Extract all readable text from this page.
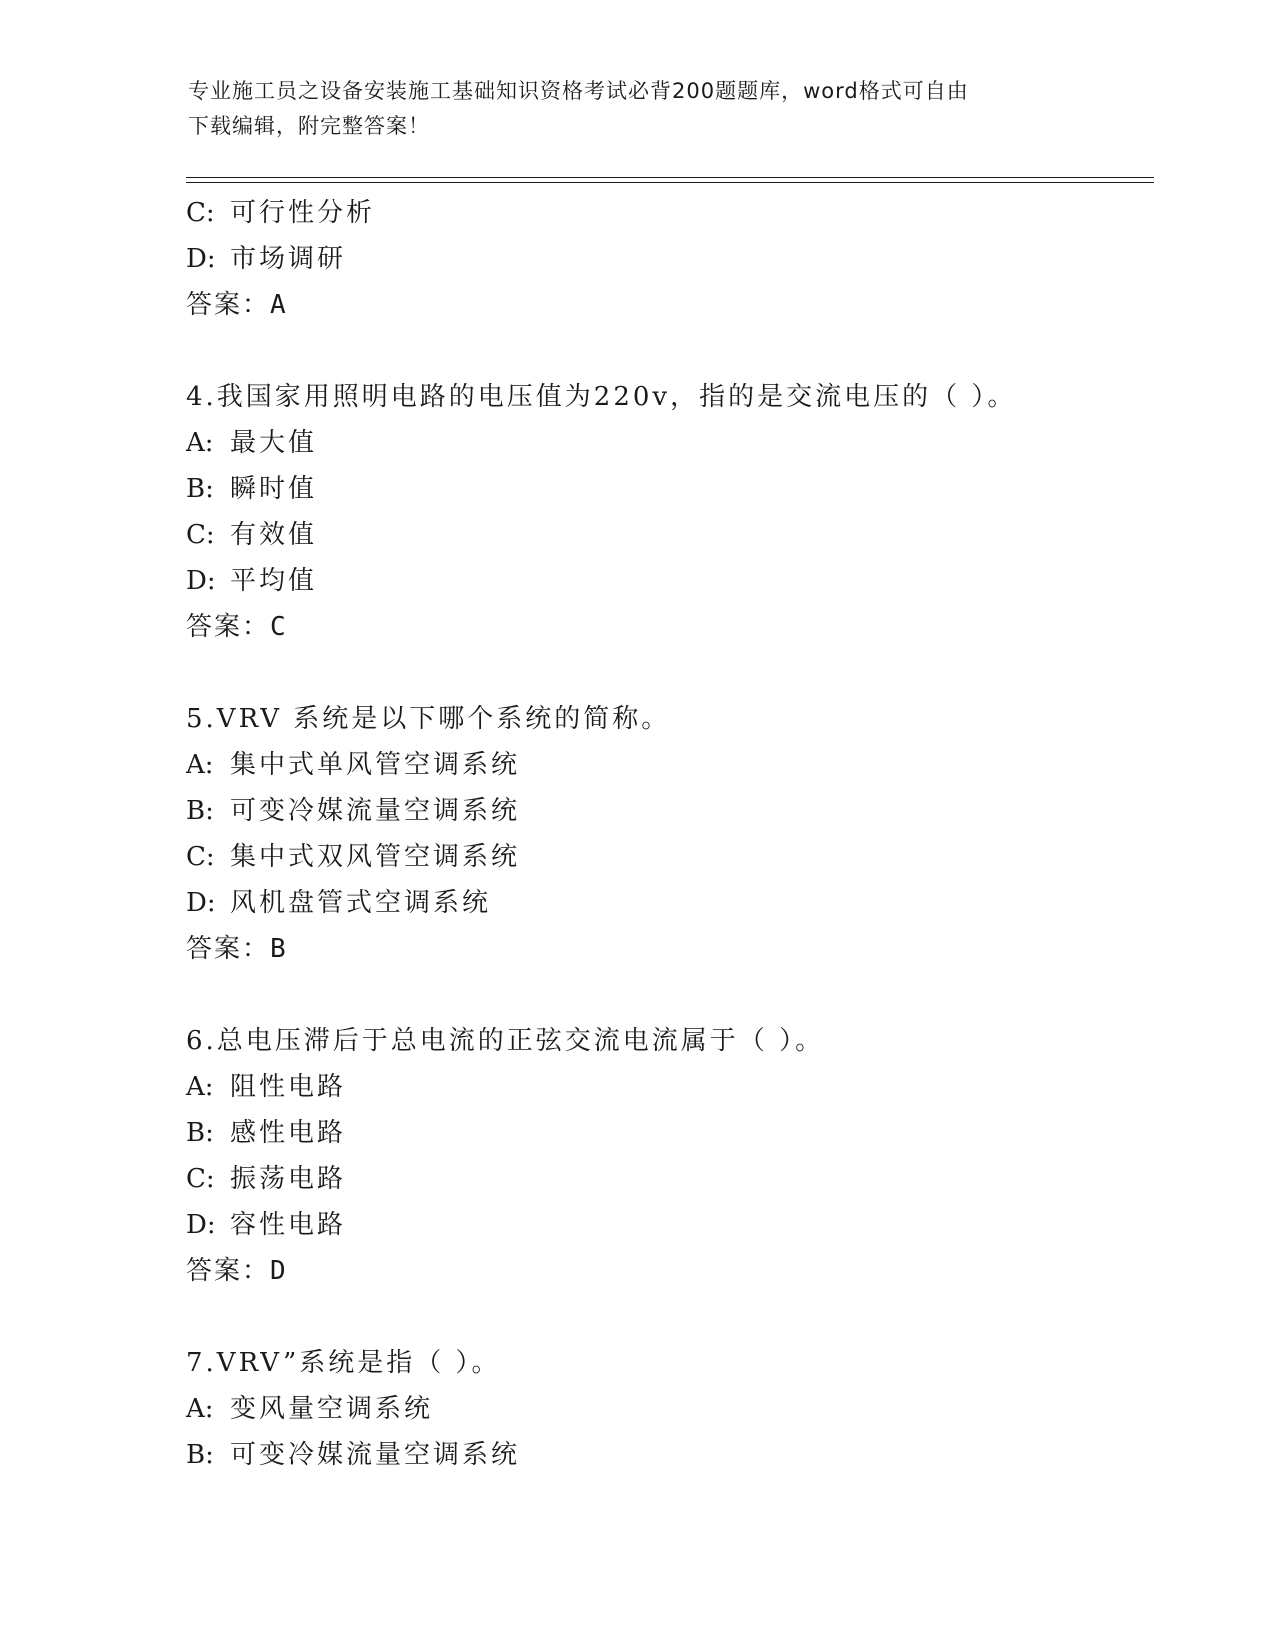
专业施工员之设备安装施工基础知识资格考试必背200题题库，word格式可自由
下载编辑，附完整答案！
C: 可行性分析
D: 市场调研
答案：A
4.我国家用照明电路的电压值为220v，指的是交流电压的（ ）。
A: 最大值
B: 瞬时值
C: 有效值
D: 平均值
答案：C
5.VRV 系统是以下哪个系统的简称。
A: 集中式单风管空调系统
B: 可变冷媒流量空调系统
C: 集中式双风管空调系统
D: 风机盘管式空调系统
答案：B
6.总电压滞后于总电流的正弦交流电流属于（ ）。
A: 阻性电路
B: 感性电路
C: 振荡电路
D: 容性电路
答案：D
7.VRV”系统是指（ ）。
A: 变风量空调系统
B: 可变冷媒流量空调系统
